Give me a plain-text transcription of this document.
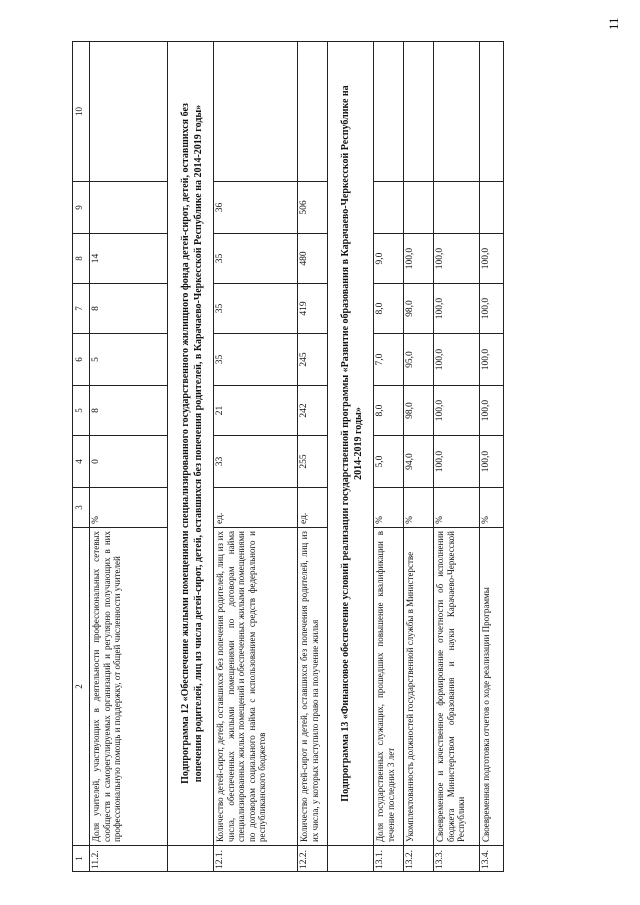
11
1	2	3	4	5	6	7	8	9	10
11.2.	Доля учителей, участвующих в деятельности профессиональных сетевых сообществ и саморегулируемых организаций и регулярно получающих в них профессиональную помощь и поддержку, от общей численности учителей	%	0	8	5	8	14		
	Подпрограмма 12 «Обеспечение жилыми помещениями специализированного государственного жилищного фонда детей-сирот, детей, оставшихся без попечения родителей, лиц из числа детей-сирот, детей, оставшихся без попечения родителей, в Карачаево-Черкесской Республике на 2014-2019 годы»								
12.1.	Количество детей-сирот, детей, оставшихся без попечения родителей, лиц из их числа, обеспеченных жилыми помещениями по договорам найма специализированных жилых помещений и обеспеченных жилыми помещениями по договорам социального найма с использованием средств федерального и республиканского бюджетов	ед.	33	21	35	35	35	36	
12.2.	Количество детей-сирот и детей, оставшихся без попечения родителей, лиц из их числа, у которых наступило право на получение жилья	ед.	255	242	245	419	480	506	
	Подпрограмма 13 «Финансовое обеспечение условий реализации государственной программы «Развитие образования в Карачаево-Черкесской Республике на 2014-2019 годы»								
13.1.	Доля государственных служащих, прошедших повышение квалификации в течение последних 3 лет	%	5,0	8,0	7,0	8,0	9,0		
13.2.	Укомплектованность должностей государственной службы в Министерстве	%	94,0	98,0	95,0	98,0	100,0		
13.3.	Своевременное и качественное формирование отчетности об исполнении бюджета Министерством образования и науки Карачаево-Черкесской Республики	%	100,0	100,0	100,0	100,0	100,0		
13.4.	Своевременная подготовка отчетов о ходе реализации Программы	%	100,0	100,0	100,0	100,0	100,0		
